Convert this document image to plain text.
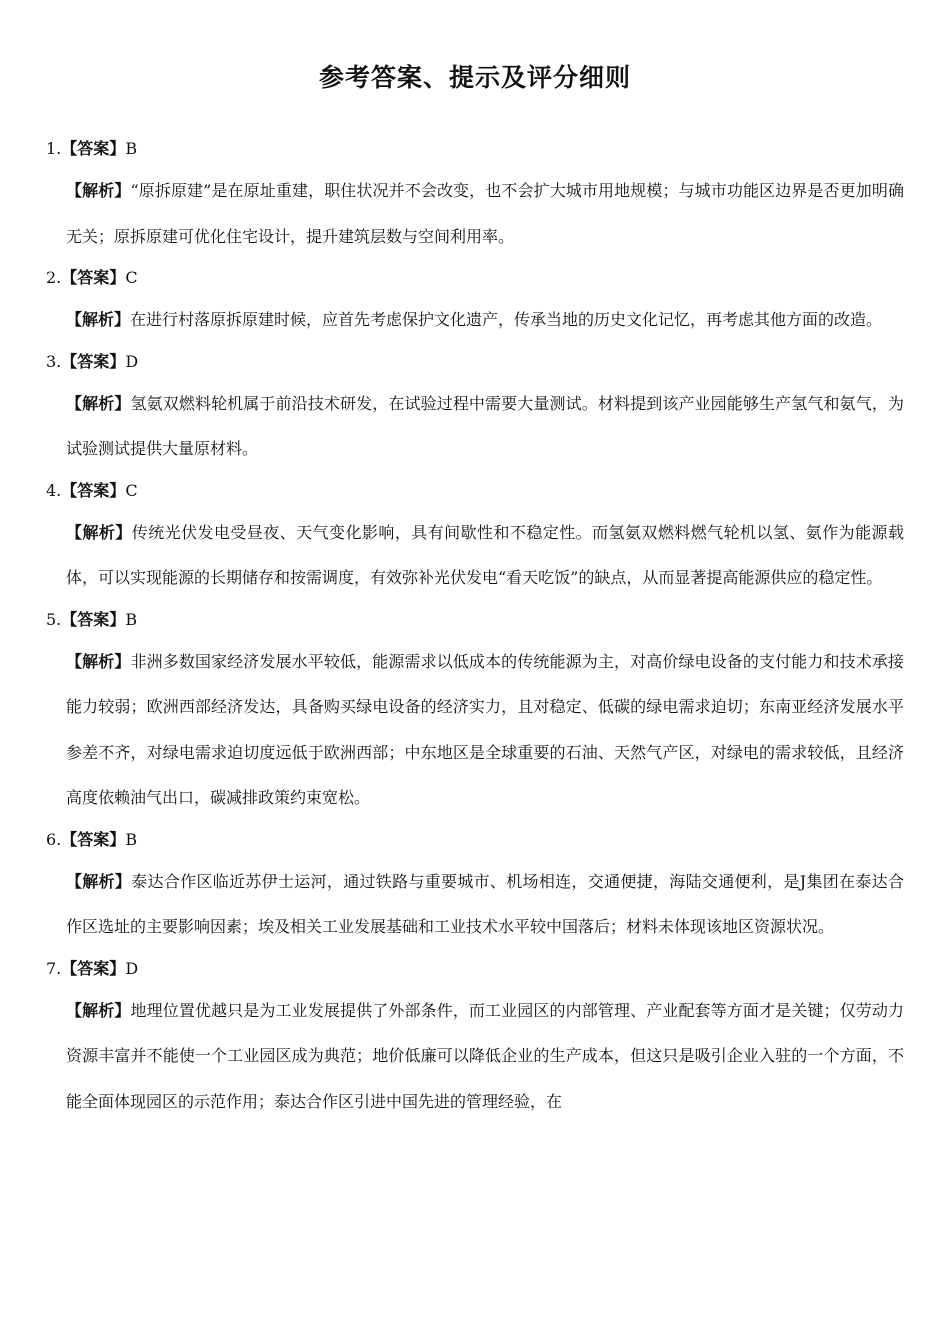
参考答案、提示及评分细则
1.【答案】B
【解析】“原拆原建”是在原址重建，职住状况并不会改变，也不会扩大城市用地规模；与城市功能区边界是否更加明确无关；原拆原建可优化住宅设计，提升建筑层数与空间利用率。
2.【答案】C
【解析】在进行村落原拆原建时候，应首先考虑保护文化遗产，传承当地的历史文化记忆，再考虑其他方面的改造。
3.【答案】D
【解析】氢氨双燃料轮机属于前沿技术研发，在试验过程中需要大量测试。材料提到该产业园能够生产氢气和氨气，为试验测试提供大量原材料。
4.【答案】C
【解析】传统光伏发电受昼夜、天气变化影响，具有间歇性和不稳定性。而氢氨双燃料燃气轮机以氢、氨作为能源载体，可以实现能源的长期储存和按需调度，有效弥补光伏发电“看天吃饭”的缺点，从而显著提高能源供应的稳定性。
5.【答案】B
【解析】非洲多数国家经济发展水平较低，能源需求以低成本的传统能源为主，对高价绿电设备的支付能力和技术承接能力较弱；欧洲西部经济发达，具备购买绿电设备的经济实力，且对稳定、低碳的绿电需求迫切；东南亚经济发展水平参差不齐，对绿电需求迫切度远低于欧洲西部；中东地区是全球重要的石油、天然气产区，对绿电的需求较低，且经济高度依赖油气出口，碳减排政策约束宽松。
6.【答案】B
【解析】泰达合作区临近苏伊士运河，通过铁路与重要城市、机场相连，交通便捷，海陆交通便利，是J集团在泰达合作区选址的主要影响因素；埃及相关工业发展基础和工业技术水平较中国落后；材料未体现该地区资源状况。
7.【答案】D
【解析】地理位置优越只是为工业发展提供了外部条件，而工业园区的内部管理、产业配套等方面才是关键；仅劳动力资源丰富并不能使一个工业园区成为典范；地价低廉可以降低企业的生产成本，但这只是吸引企业入驻的一个方面，不能全面体现园区的示范作用；泰达合作区引进中国先进的管理经验，在
